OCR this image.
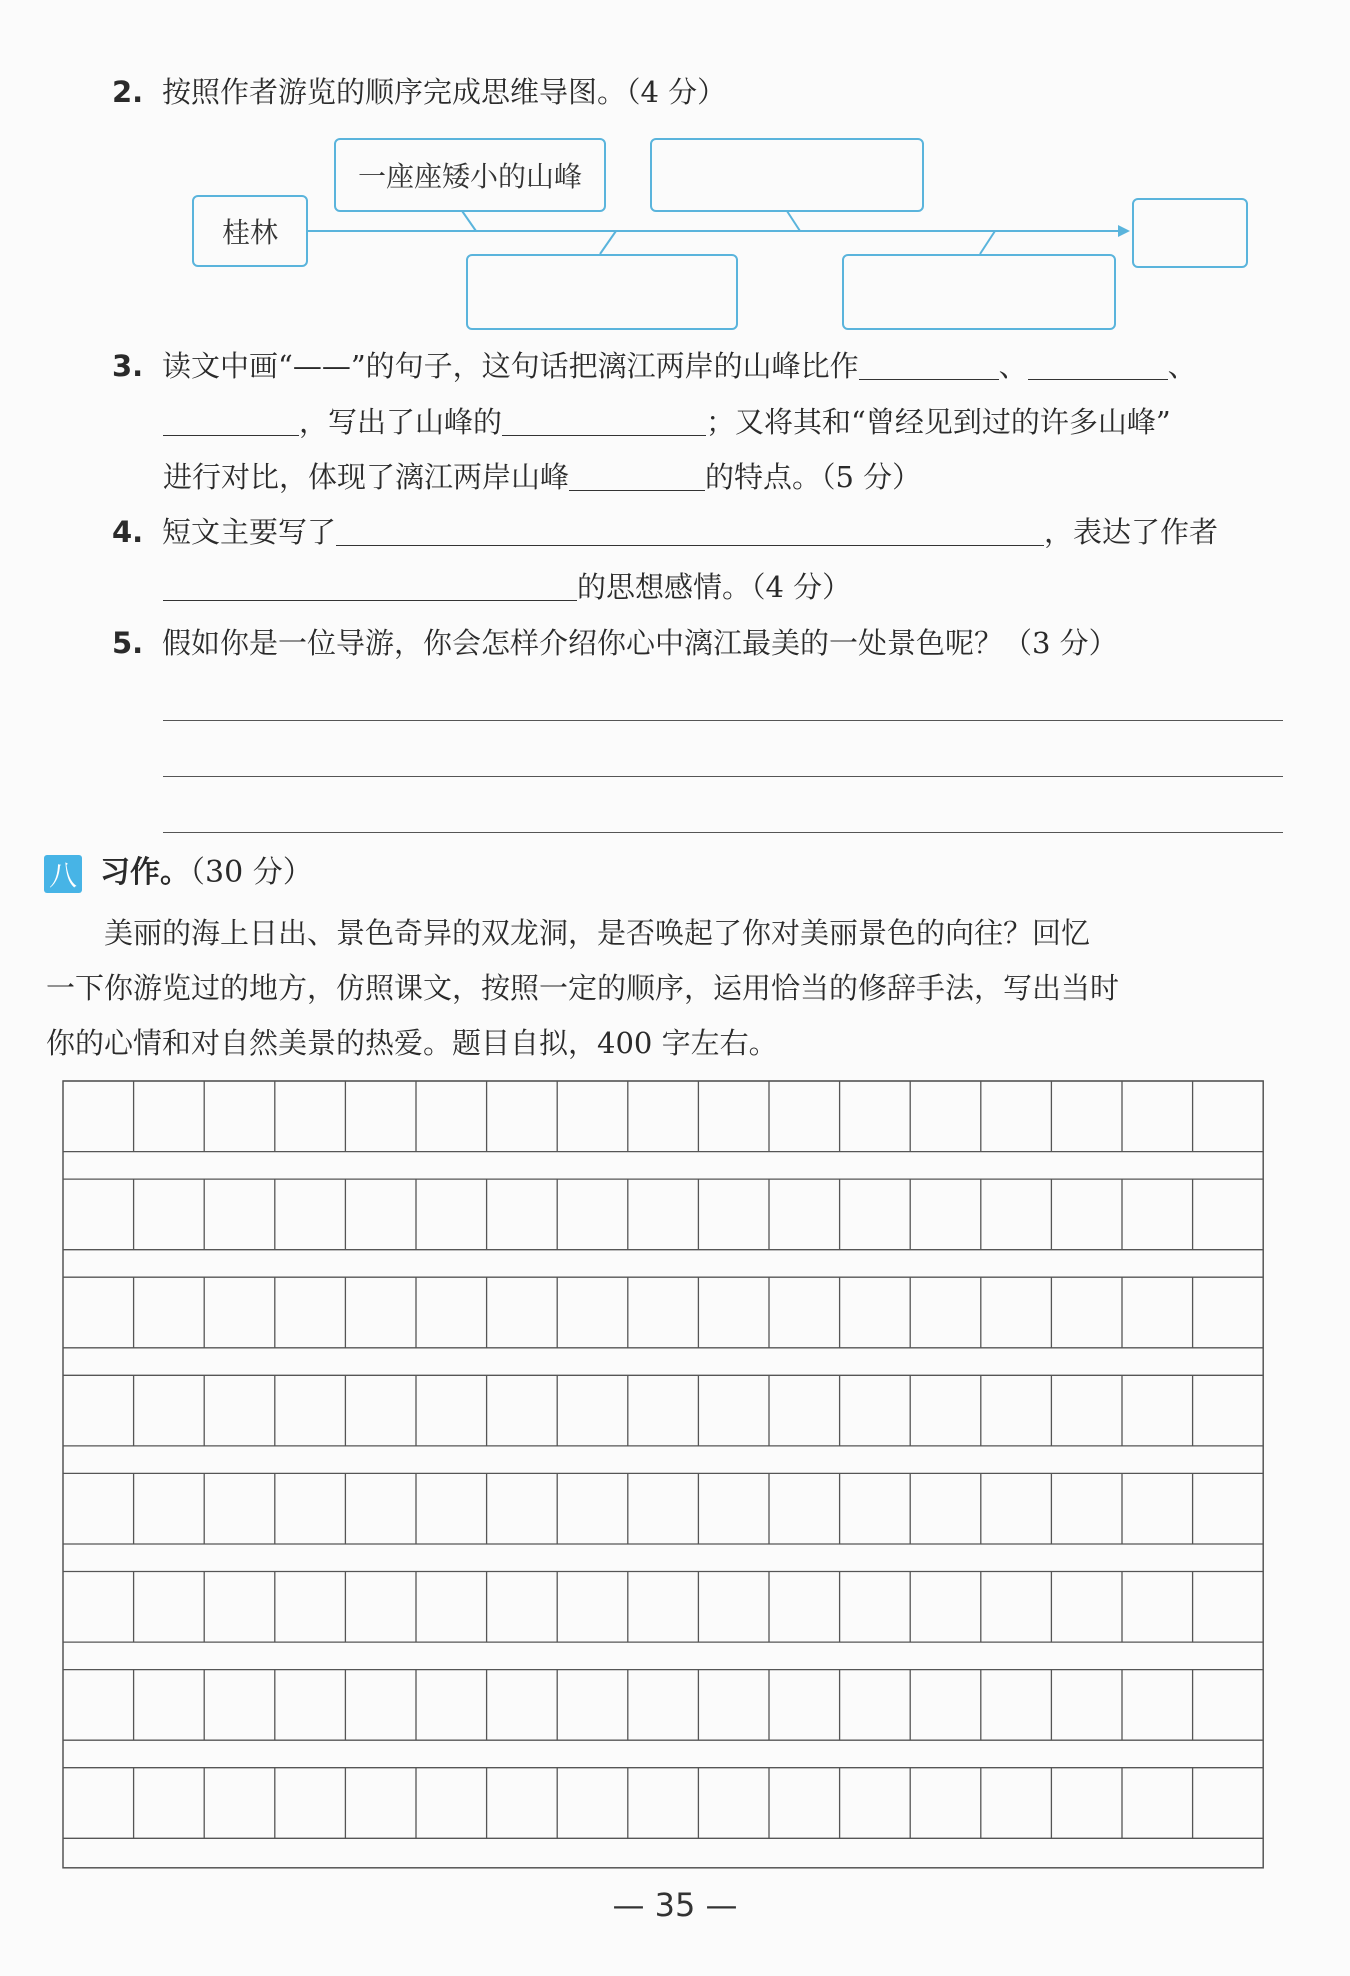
2. 按照作者游览的顺序完成思维导图。（4 分）
桂林
一座座矮小的山峰
3. 读文中画“——”的句子，这句话把漓江两岸的山峰比作	、	、
，写出了山峰的	；又将其和“曾经见到过的许多山峰”
进行对比，体现了漓江两岸山峰	的特点。（5 分）
4. 短文主要写了	，表达了作者
的思想感情。（4 分）
5. 假如你是一位导游，你会怎样介绍你心中漓江最美的一处景色呢？（3 分）
八 习作。（30 分）

美丽的海上日出、景色奇异的双龙洞，是否唤起了你对美丽景色的向往？回忆

一下你游览过的地方，仿照课文，按照一定的顺序，运用恰当的修辞手法，写出当时
你的心情和对自然美景的热爱。题目自拟，400 字左右。
— 35 —
